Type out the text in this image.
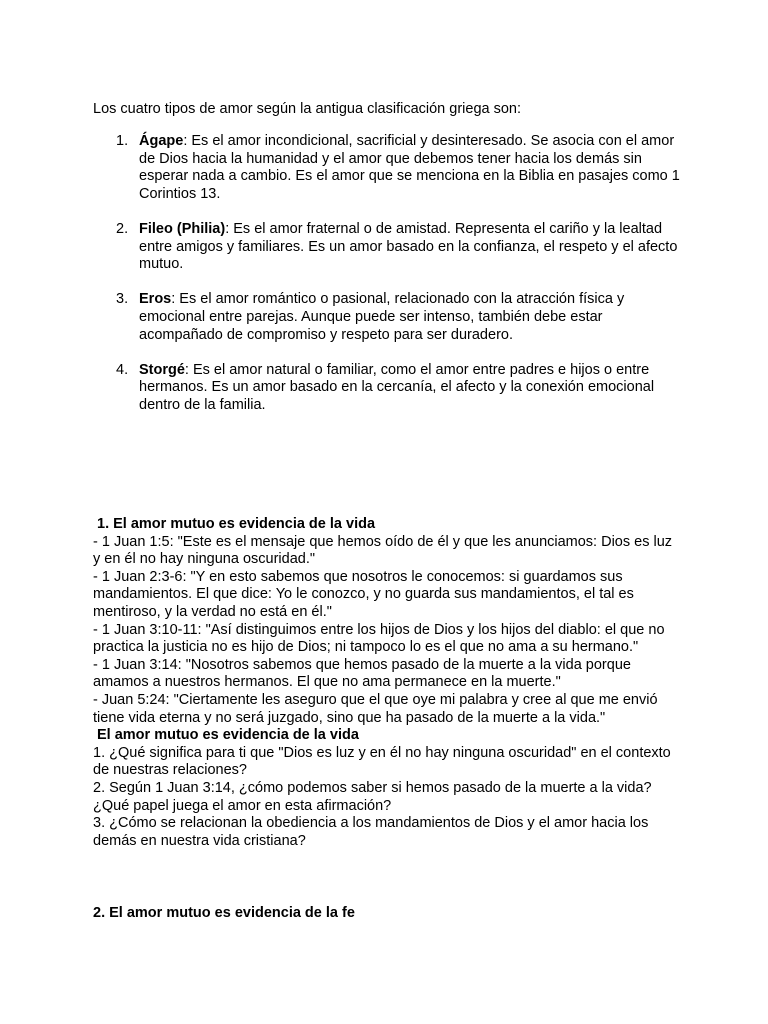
Los cuatro tipos de amor según la antigua clasificación griega son:

1. Ágape: Es el amor incondicional, sacrificial y desinteresado. Se asocia con el amor de Dios hacia la humanidad y el amor que debemos tener hacia los demás sin esperar nada a cambio. Es el amor que se menciona en la Biblia en pasajes como 1 Corintios 13.
2. Fileo (Philia): Es el amor fraternal o de amistad. Representa el cariño y la lealtad entre amigos y familiares. Es un amor basado en la confianza, el respeto y el afecto mutuo.
3. Eros: Es el amor romántico o pasional, relacionado con la atracción física y emocional entre parejas. Aunque puede ser intenso, también debe estar acompañado de compromiso y respeto para ser duradero.
4. Storgé: Es el amor natural o familiar, como el amor entre padres e hijos o entre hermanos. Es un amor basado en la cercanía, el afecto y la conexión emocional dentro de la familia.

1. El amor mutuo es evidencia de la vida

- 1 Juan 1:5: "Este es el mensaje que hemos oído de él y que les anunciamos: Dios es luz y en él no hay ninguna oscuridad."

- 1 Juan 2:3-6: "Y en esto sabemos que nosotros le conocemos: si guardamos sus mandamientos. El que dice: Yo le conozco, y no guarda sus mandamientos, el tal es mentiroso, y la verdad no está en él."

- 1 Juan 3:10-11: "Así distinguimos entre los hijos de Dios y los hijos del diablo: el que no practica la justicia no es hijo de Dios; ni tampoco lo es el que no ama a su hermano."

- 1 Juan 3:14: "Nosotros sabemos que hemos pasado de la muerte a la vida porque amamos a nuestros hermanos. El que no ama permanece en la muerte."

- Juan 5:24: "Ciertamente les aseguro que el que oye mi palabra y cree al que me envió tiene vida eterna y no será juzgado, sino que ha pasado de la muerte a la vida."

El amor mutuo es evidencia de la vida

1. ¿Qué significa para ti que "Dios es luz y en él no hay ninguna oscuridad" en el contexto de nuestras relaciones?

2. Según 1 Juan 3:14, ¿cómo podemos saber si hemos pasado de la muerte a la vida? ¿Qué papel juega el amor en esta afirmación?

3. ¿Cómo se relacionan la obediencia a los mandamientos de Dios y el amor hacia los demás en nuestra vida cristiana?

2. El amor mutuo es evidencia de la fe
